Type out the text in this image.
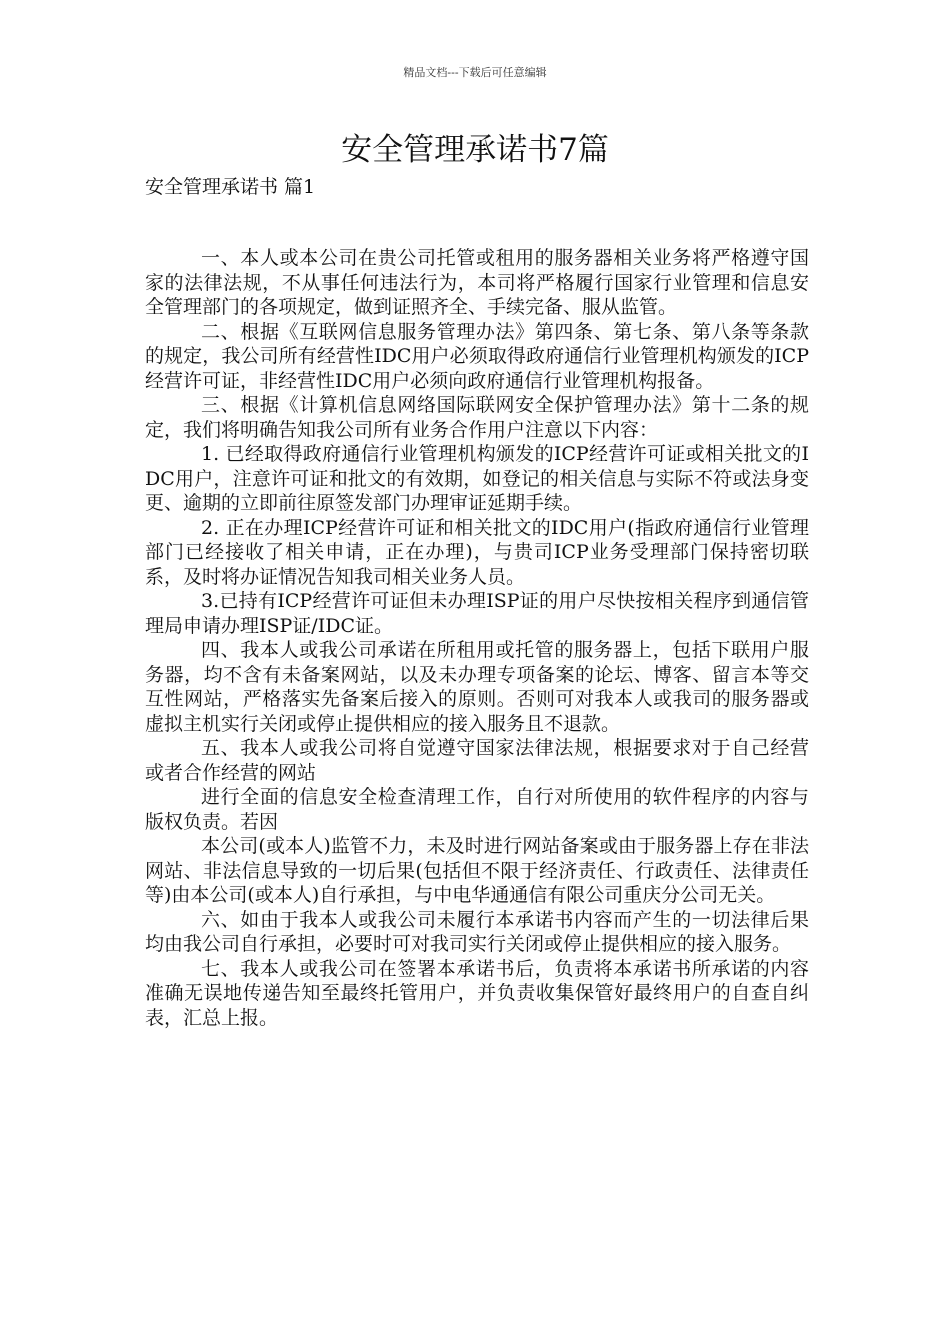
精品文档---下载后可任意编辑
安全管理承诺书7篇
安全管理承诺书 篇1

一、本人或本公司在贵公司托管或租用的服务器相关业务将严格遵守国家的法律法规，不从事任何违法行为，本司将严格履行国家行业管理和信息安全管理部门的各项规定，做到证照齐全、手续完备、服从监管。

二、根据《互联网信息服务管理办法》第四条、第七条、第八条等条款的规定，我公司所有经营性IDC用户必须取得政府通信行业管理机构颁发的ICP经营许可证，非经营性IDC用户必须向政府通信行业管理机构报备。

三、根据《计算机信息网络国际联网安全保护管理办法》第十二条的规定，我们将明确告知我公司所有业务合作用户注意以下内容：

1. 已经取得政府通信行业管理机构颁发的ICP经营许可证或相关批文的IDC用户，注意许可证和批文的有效期，如登记的相关信息与实际不符或法身变更、逾期的立即前往原签发部门办理审证延期手续。

2. 正在办理ICP经营许可证和相关批文的IDC用户(指政府通信行业管理部门已经接收了相关申请，正在办理)，与贵司ICP业务受理部门保持密切联系，及时将办证情况告知我司相关业务人员。

3.已持有ICP经营许可证但未办理ISP证的用户尽快按相关程序到通信管理局申请办理ISP证/IDC证。

四、我本人或我公司承诺在所租用或托管的服务器上，包括下联用户服务器，均不含有未备案网站，以及未办理专项备案的论坛、博客、留言本等交互性网站，严格落实先备案后接入的原则。否则可对我本人或我司的服务器或虚拟主机实行关闭或停止提供相应的接入服务且不退款。

五、我本人或我公司将自觉遵守国家法律法规，根据要求对于自己经营或者合作经营的网站

进行全面的信息安全检查清理工作，自行对所使用的软件程序的内容与版权负责。若因

本公司(或本人)监管不力，未及时进行网站备案或由于服务器上存在非法网站、非法信息导致的一切后果(包括但不限于经济责任、行政责任、法律责任等)由本公司(或本人)自行承担，与中电华通通信有限公司重庆分公司无关。

六、如由于我本人或我公司未履行本承诺书内容而产生的一切法律后果均由我公司自行承担，必要时可对我司实行关闭或停止提供相应的接入服务。

七、我本人或我公司在签署本承诺书后，负责将本承诺书所承诺的内容准确无误地传递告知至最终托管用户，并负责收集保管好最终用户的自查自纠表，汇总上报。
